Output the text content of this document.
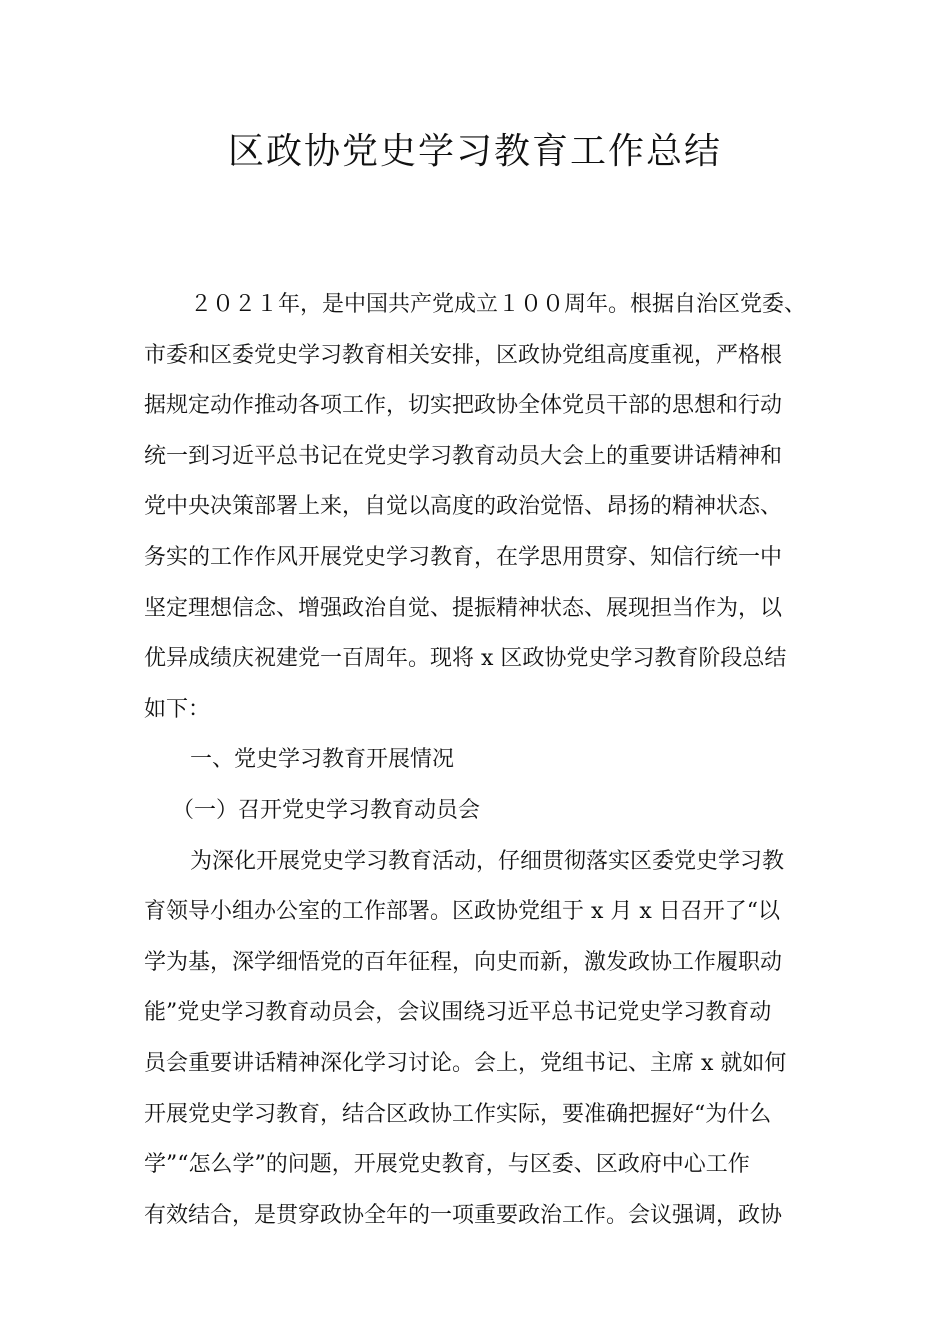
区政协党史学习教育工作总结
２０２１年，是中国共产党成立１００周年。根据自治区党委、
市委和区委党史学习教育相关安排，区政协党组高度重视，严格根
据规定动作推动各项工作，切实把政协全体党员干部的思想和行动
统一到习近平总书记在党史学习教育动员大会上的重要讲话精神和
党中央决策部署上来，自觉以高度的政治觉悟、昂扬的精神状态、
务实的工作作风开展党史学习教育，在学思用贯穿、知信行统一中
坚定理想信念、增强政治自觉、提振精神状态、展现担当作为，以
优异成绩庆祝建党一百周年。现将 x 区政协党史学习教育阶段总结
如下：
一、党史学习教育开展情况
（一）召开党史学习教育动员会
为深化开展党史学习教育活动，仔细贯彻落实区委党史学习教
育领导小组办公室的工作部署。区政协党组于 x 月 x 日召开了“以
学为基，深学细悟党的百年征程，向史而新，激发政协工作履职动
能”党史学习教育动员会，会议围绕习近平总书记党史学习教育动
员会重要讲话精神深化学习讨论。会上，党组书记、主席 x 就如何
开展党史学习教育，结合区政协工作实际，要准确把握好“为什么
学”“怎么学”的问题，开展党史教育，与区委、区政府中心工作
有效结合，是贯穿政协全年的一项重要政治工作。会议强调，政协
